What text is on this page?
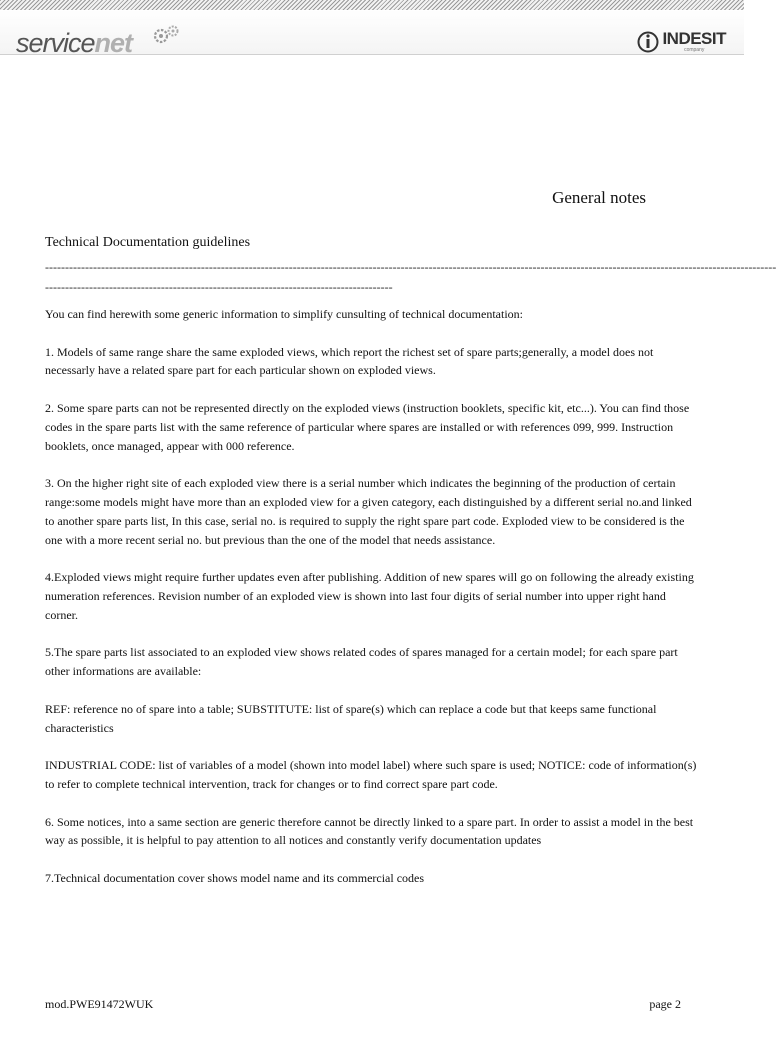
service net	INDESIT
company
General notes
Technical Documentation guidelines
---------------------------------------------------------------------------------------------------------------------------------------------------------------------------------------
---------------------------------------------------------------------------------------

You can find herewith some generic information to simplify cunsulting of technical documentation:

1. Models of same range share the same exploded views, which report the richest set of spare parts;generally, a model does not necessarly have a related spare part for each particular shown on exploded views.

2. Some spare parts can not be represented directly on the exploded views (instruction booklets, specific kit, etc...). You can find those codes in the spare parts list with the same reference of particular where spares are installed or with references 099, 999. Instruction booklets, once managed, appear with 000 reference.

3. On the higher right site of each exploded view there is a serial number which indicates the beginning of the production of certain range:some models might have more than an exploded view for a given category, each distinguished by a different serial no.and linked to another spare parts list, In this case, serial no. is required to supply the right spare part code. Exploded view to be considered is the one with a more recent serial no. but previous than the one of the model that needs assistance.

4.Exploded views might require further updates even after publishing. Addition of new spares will go on following the already existing numeration references. Revision number of an exploded view is shown into last four digits of serial number into upper right hand corner.

5.The spare parts list associated to an exploded view shows related codes of spares managed for a certain model; for each spare part other informations are available:

REF: reference no of spare into a table; SUBSTITUTE: list of spare(s) which can replace a code but that keeps same functional characteristics

INDUSTRIAL CODE: list of variables of a model (shown into model label) where such spare is used; NOTICE: code of information(s) to refer to complete technical intervention, track for changes or to find correct spare part code.

6. Some notices, into a same section are generic therefore cannot be directly linked to a spare part. In order to assist a model in the best way as possible, it is helpful to pay attention to all notices and constantly verify documentation updates

7.Technical documentation cover shows model name and its commercial codes

mod.PWE91472WUK	page 2
